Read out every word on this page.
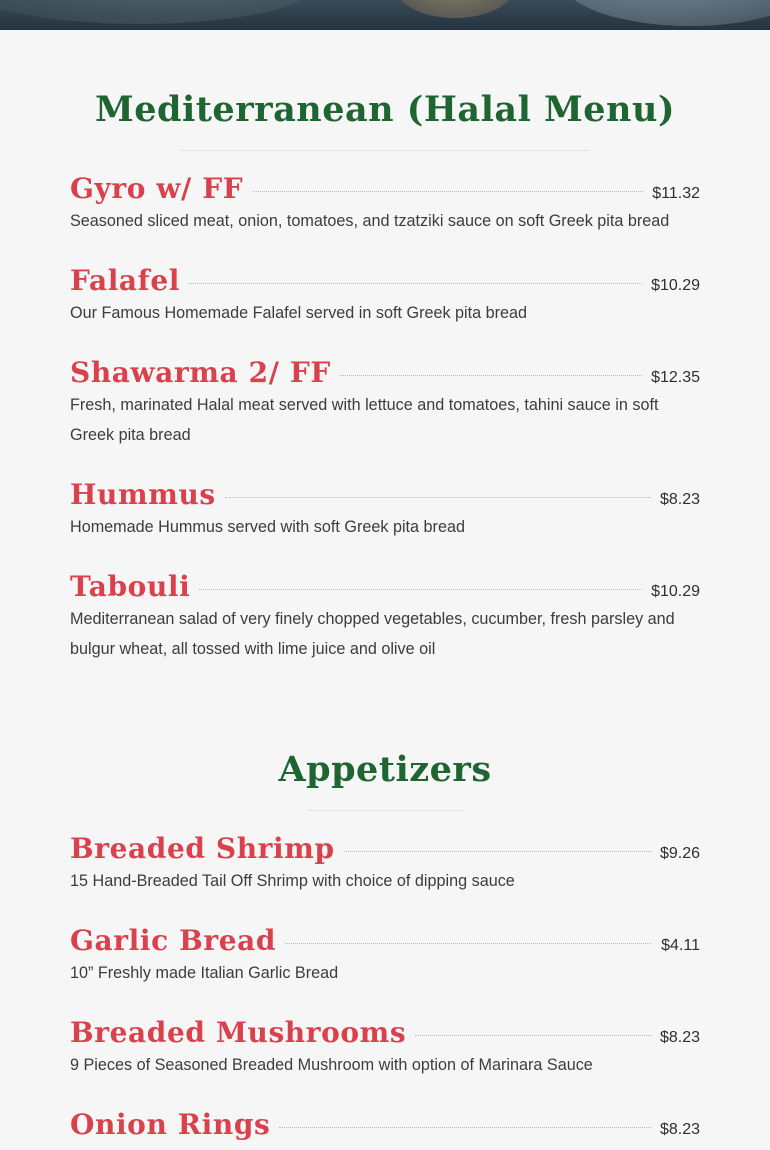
Mediterranean (Halal Menu)
Gyro w/ FF	$11.32
Seasoned sliced meat, onion, tomatoes, and tzatziki sauce on soft Greek pita bread
Falafel	$10.29
Our Famous Homemade Falafel served in soft Greek pita bread
Shawarma 2/ FF	$12.35
Fresh, marinated Halal meat served with lettuce and tomatoes, tahini sauce in soft Greek pita bread
Hummus	$8.23
Homemade Hummus served with soft Greek pita bread
Tabouli	$10.29
Mediterranean salad of very finely chopped vegetables, cucumber, fresh parsley and bulgur wheat, all tossed with lime juice and olive oil
Appetizers
Breaded Shrimp	$9.26
15 Hand-Breaded Tail Off Shrimp with choice of dipping sauce
Garlic Bread	$4.11
10” Freshly made Italian Garlic Bread
Breaded Mushrooms	$8.23
9 Pieces of Seasoned Breaded Mushroom with option of Marinara Sauce
Onion Rings	$8.23
